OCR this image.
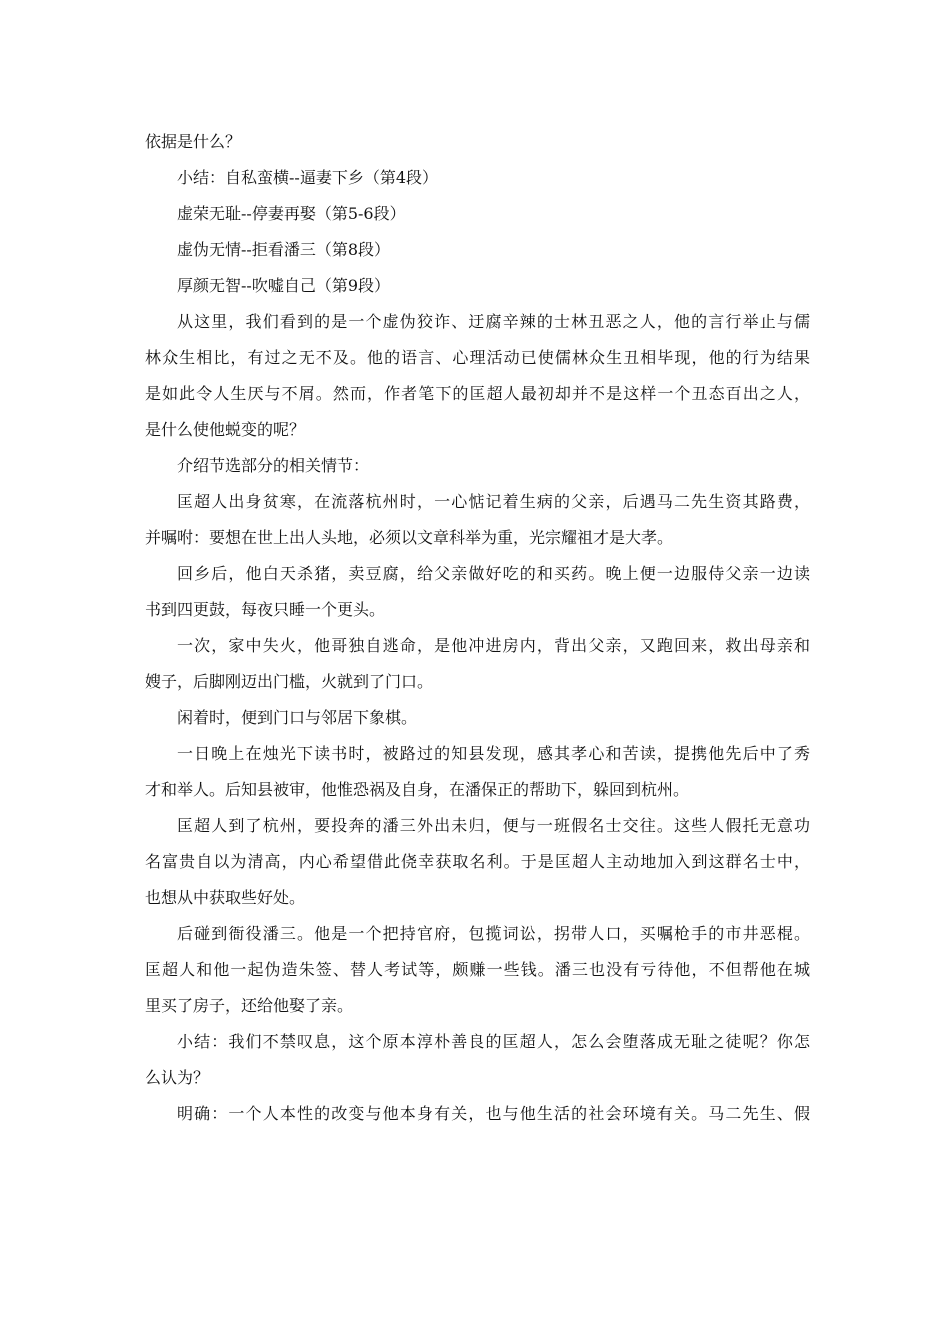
依据是什么？
小结：自私蛮横--逼妻下乡（第4段）
虚荣无耻--停妻再娶（第5-6段）
虚伪无情--拒看潘三（第8段）
厚颜无智--吹嘘自己（第9段）
从这里，我们看到的是一个虚伪狡诈、迂腐辛辣的士林丑恶之人，他的言行举止与儒
林众生相比，有过之无不及。他的语言、心理活动已使儒林众生丑相毕现，他的行为结果
是如此令人生厌与不屑。然而，作者笔下的匡超人最初却并不是这样一个丑态百出之人，
是什么使他蜕变的呢？
介绍节选部分的相关情节：
匡超人出身贫寒，在流落杭州时，一心惦记着生病的父亲，后遇马二先生资其路费，
并嘱咐：要想在世上出人头地，必须以文章科举为重，光宗耀祖才是大孝。
回乡后，他白天杀猪，卖豆腐，给父亲做好吃的和买药。晚上便一边服侍父亲一边读
书到四更鼓，每夜只睡一个更头。
一次，家中失火，他哥独自逃命，是他冲进房内，背出父亲，又跑回来，救出母亲和
嫂子，后脚刚迈出门槛，火就到了门口。
闲着时，便到门口与邻居下象棋。
一日晚上在烛光下读书时，被路过的知县发现，感其孝心和苦读，提携他先后中了秀
才和举人。后知县被审，他惟恐祸及自身，在潘保正的帮助下，躲回到杭州。
匡超人到了杭州，要投奔的潘三外出未归，便与一班假名士交往。这些人假托无意功
名富贵自以为清高，内心希望借此侥幸获取名利。于是匡超人主动地加入到这群名士中，
也想从中获取些好处。
后碰到衙役潘三。他是一个把持官府，包揽词讼，拐带人口，买嘱枪手的市井恶棍。
匡超人和他一起伪造朱签、替人考试等，颇赚一些钱。潘三也没有亏待他，不但帮他在城
里买了房子，还给他娶了亲。
小结：我们不禁叹息，这个原本淳朴善良的匡超人，怎么会堕落成无耻之徒呢？你怎
么认为？
明确：一个人本性的改变与他本身有关，也与他生活的社会环境有关。马二先生、假
